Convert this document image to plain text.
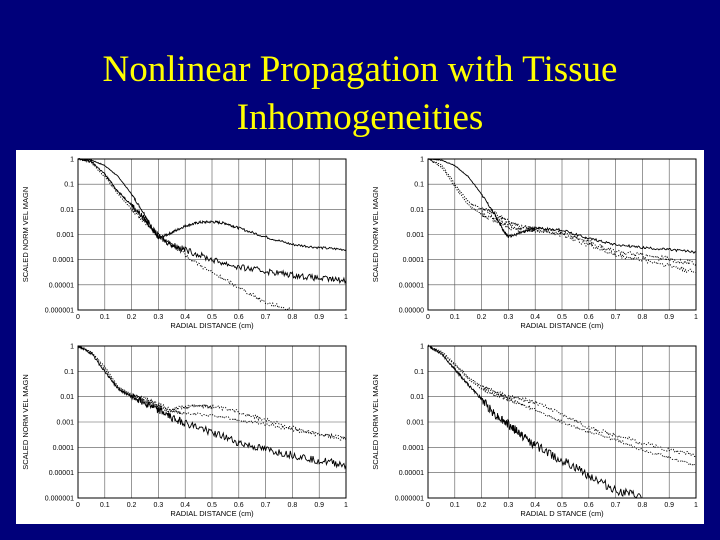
Nonlinear Propagation with Tissue
Inhomogeneities
0	0.1 0.2 0.3 0.4 0.5 0.6 0.7 0.8 0.9	1
1
0.1
0.01
0.001
0.0001
0.00001
0.000001
RADIAL DISTANCE (cm)
SCALED NORM VEL MAGN
0	0.1 0.2 0.3 0.4 0.5 0.6 0.7 0.8 0.9	1
1
0.1
0.01
0.001
0.0001
0.00001
0.00000
RADIAL DISTANCE (cm)
SCALED NORM VEL MAGN
0	0.1 0.2 0.3 0.4 0.5 0.6 0.7 0.8 0.9	1
1
0.1
0.01
0.001
0.0001
0.00001
0.000001
RADIAL DISTANCE (cm)
SCALED NORM VEL MAGN
0	0.1 0.2 0.3 0.4 0.5 0.6 0.7 0.8 0.9	1
1
0.1
0.01
0.001
0.0001
0.00001
0.000001
RADIAL D STANCE (cm)
SCALED NORM VEL MAGN
